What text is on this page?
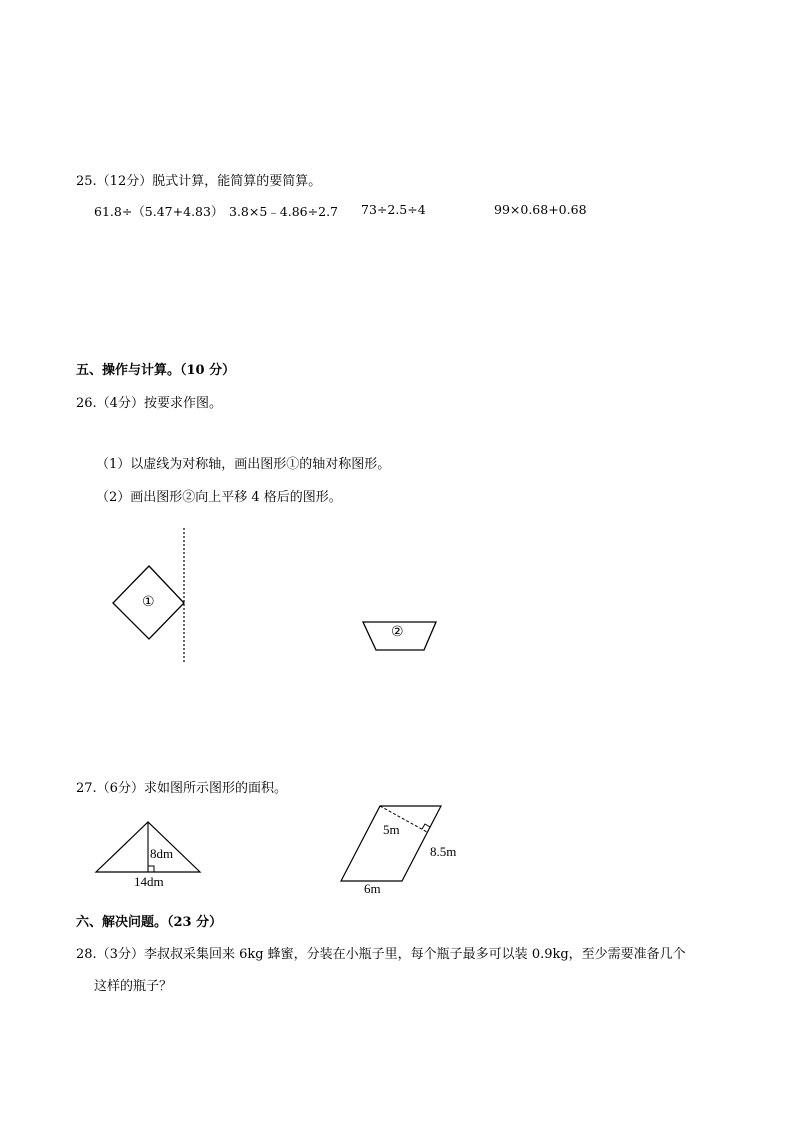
25.（12分）脱式计算，能简算的要简算。
61.8÷（5.47+4.83） 3.8×5﹣4.86÷2.7 73÷2.5÷4	99×0.68+0.68
五、操作与计算。（10 分）
26.（4分）按要求作图。
（1）以虚线为对称轴，画出图形①的轴对称图形。
（2）画出图形②向上平移 4 格后的图形。
①
②
27.（6分）求如图所示图形的面积。
8dm
14dm
5m
8.5m
6m
六、解决问题。（23 分）
28.（3分）李叔叔采集回来 6kg 蜂蜜，分装在小瓶子里，每个瓶子最多可以装 0.9kg，至少需要准备几个
这样的瓶子？
